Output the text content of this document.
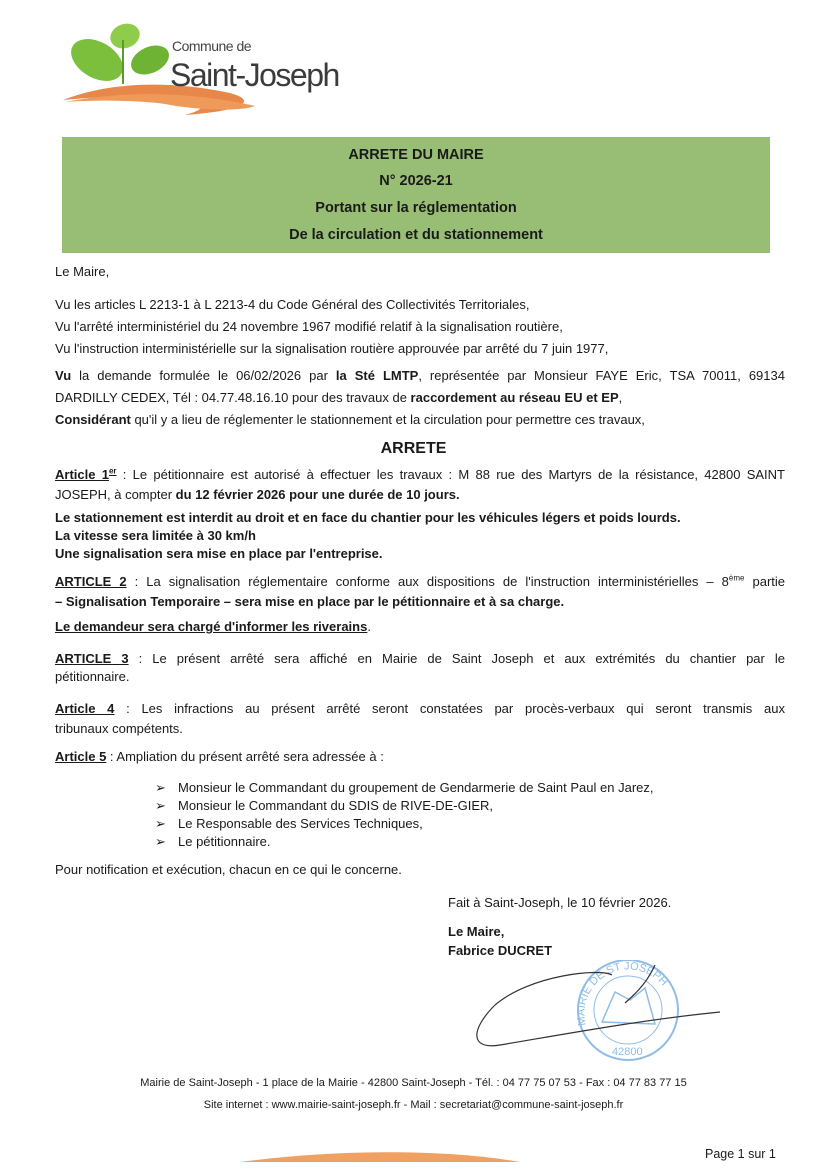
Commune de
Saint-Joseph
ARRETE DU MAIRE
N° 2026-21
Portant sur la réglementation
De la circulation et du stationnement
Le Maire,
Vu les articles L 2213-1 à L 2213-4 du Code Général des Collectivités Territoriales,
Vu l'arrêté interministériel du 24 novembre 1967 modifié relatif à la signalisation routière,
Vu l'instruction interministérielle sur la signalisation routière approuvée par arrêté du 7 juin 1977,
Vu la demande formulée le 06/02/2026 par la Sté LMTP, représentée par Monsieur FAYE Eric, TSA 70011, 69134
DARDILLY CEDEX, Tél : 04.77.48.16.10 pour des travaux de raccordement au réseau EU et EP,
Considérant qu'il y a lieu de réglementer le stationnement et la circulation pour permettre ces travaux,
Article 1er : Le pétitionnaire est autorisé à effectuer les travaux : M 88 rue des Martyrs de la résistance, 42800 SAINT
JOSEPH, à compter du 12 février 2026 pour une durée de 10 jours.
Le stationnement est interdit au droit et en face du chantier pour les véhicules légers et poids lourds.
La vitesse sera limitée à 30 km/h
Une signalisation sera mise en place par l'entreprise.
ARTICLE 2 : La signalisation réglementaire conforme aux dispositions de l'instruction interministérielles – 8ème partie
– Signalisation Temporaire – sera mise en place par le pétitionnaire et à sa charge.
Le demandeur sera chargé d'informer les riverains.
ARTICLE 3 : Le présent arrêté sera affiché en Mairie de Saint Joseph et aux extrémités du chantier par le
pétitionnaire.
Article 4 : Les infractions au présent arrêté seront constatées par procès-verbaux qui seront transmis aux
tribunaux compétents.
Article 5 : Ampliation du présent arrêté sera adressée à :
Pour notification et exécution, chacun en ce qui le concerne.
ARRETE
➢ Monsieur le Commandant du groupement de Gendarmerie de Saint Paul en Jarez,
➢ Monsieur le Commandant du SDIS de RIVE-DE-GIER,
➢ Le Responsable des Services Techniques,
➢ Le pétitionnaire.
Fait à Saint-Joseph, le 10 février 2026.
Le Maire,
Fabrice DUCRET
MAIRIE DE ST JOSEPH
42800
Mairie de Saint-Joseph - 1 place de la Mairie - 42800 Saint-Joseph - Tél. : 04 77 75 07 53 - Fax : 04 77 83 77 15
Site internet : www.mairie-saint-joseph.fr - Mail : secretariat@commune-saint-joseph.fr
Page 1 sur 1
